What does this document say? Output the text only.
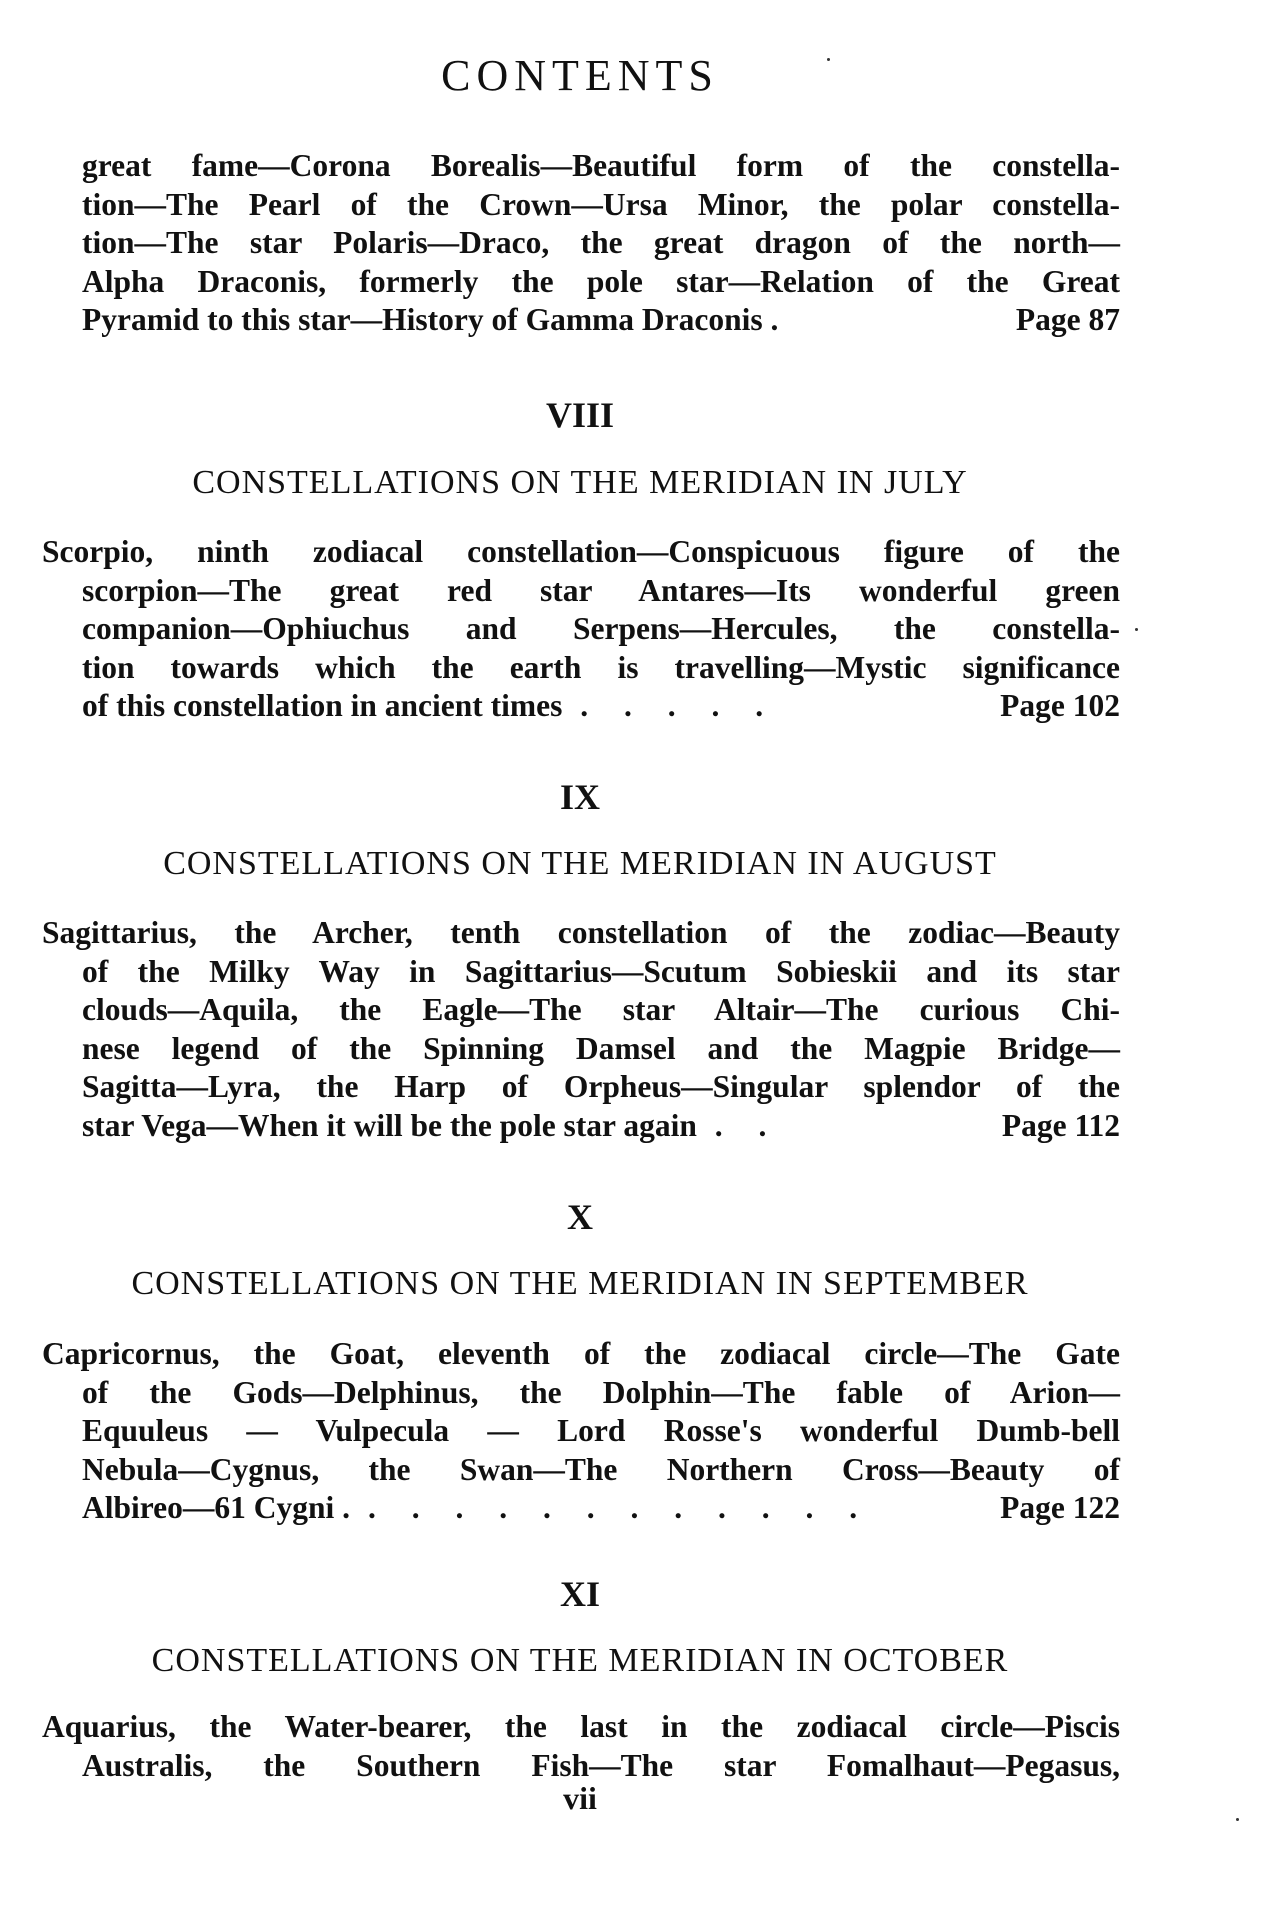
CONTENTS
great fame—Corona Borealis—Beautiful form of the constella-
tion—The Pearl of the Crown—Ursa Minor, the polar constella-
tion—The star Polaris—Draco, the great dragon of the north—
Alpha Draconis, formerly the pole star—Relation of the Great
Pyramid to this star—History of Gamma Draconis .	Page 87
VIII
CONSTELLATIONS ON THE MERIDIAN IN JULY
Scorpio, ninth zodiacal constellation—Conspicuous figure of the
scorpion—The great red star Antares—Its wonderful green
companion—Ophiuchus and Serpens—Hercules, the constella-
tion towards which the earth is travelling—Mystic significance
of this constellation in ancient times . . . . .	Page 102
IX
CONSTELLATIONS ON THE MERIDIAN IN AUGUST
Sagittarius, the Archer, tenth constellation of the zodiac—Beauty
of the Milky Way in Sagittarius—Scutum Sobieskii and its star
clouds—Aquila, the Eagle—The star Altair—The curious Chi-
nese legend of the Spinning Damsel and the Magpie Bridge—
Sagitta—Lyra, the Harp of Orpheus—Singular splendor of the
star Vega—When it will be the pole star again . .	Page 112
X
CONSTELLATIONS ON THE MERIDIAN IN SEPTEMBER
Capricornus, the Goat, eleventh of the zodiacal circle—The Gate
of the Gods—Delphinus, the Dolphin—The fable of Arion—
Equuleus — Vulpecula — Lord Rosse's wonderful Dumb-bell
Nebula—Cygnus, the Swan—The Northern Cross—Beauty of
Albireo—61 Cygni . . . . . . . . . . . . .	Page 122
XI
CONSTELLATIONS ON THE MERIDIAN IN OCTOBER
Aquarius, the Water-bearer, the last in the zodiacal circle—Piscis
Australis, the Southern Fish—The star Fomalhaut—Pegasus,
vii
